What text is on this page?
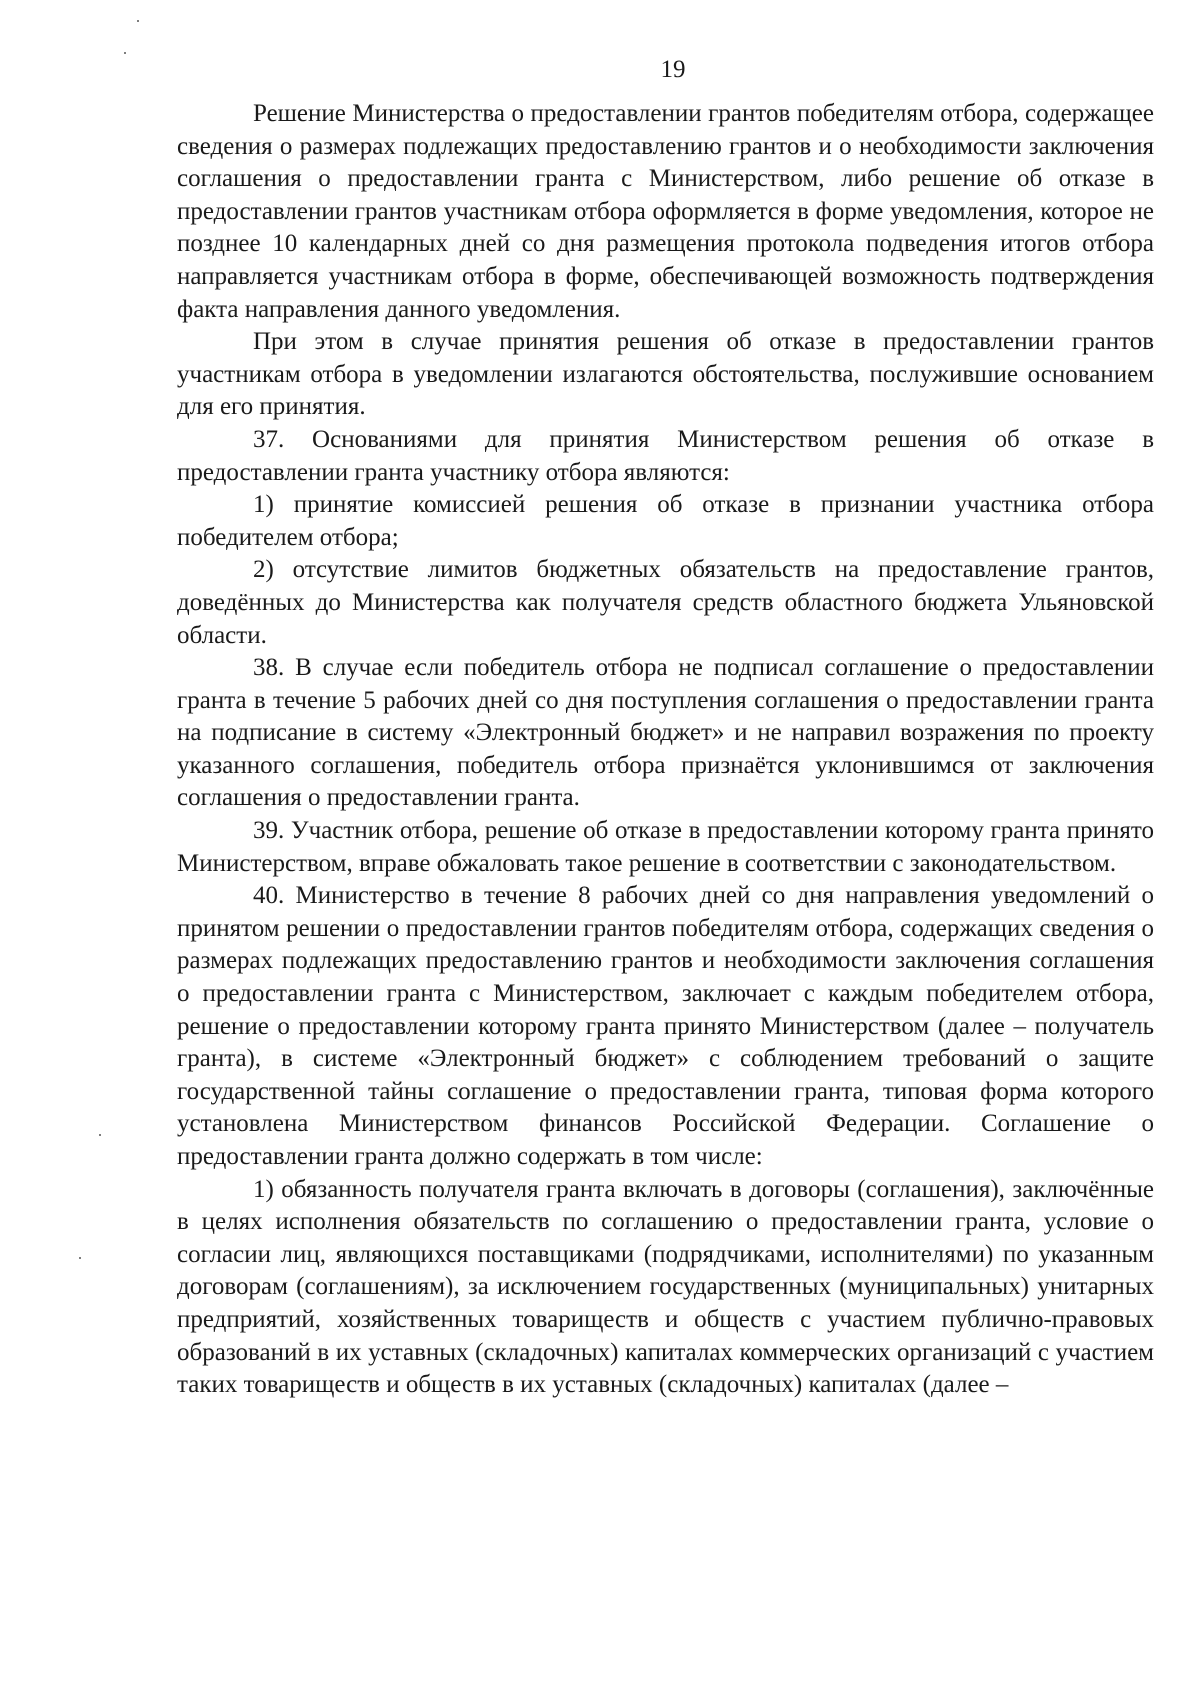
19

Решение Министерства о предоставлении грантов победителям отбора, содержащее сведения о размерах подлежащих предоставлению грантов и о необходимости заключения соглашения о предоставлении гранта с Министерством, либо решение об отказе в предоставлении грантов участникам отбора оформляется в форме уведомления, которое не позднее 10 календарных дней со дня размещения протокола подведения итогов отбора направляется участникам отбора в форме, обеспечивающей возможность подтверждения факта направления данного уведомления.

При этом в случае принятия решения об отказе в предоставлении грантов участникам отбора в уведомлении излагаются обстоятельства, послужившие основанием для его принятия.

37. Основаниями для принятия Министерством решения об отказе в предоставлении гранта участнику отбора являются:

1) принятие комиссией решения об отказе в признании участника отбора победителем отбора;

2) отсутствие лимитов бюджетных обязательств на предоставление грантов, доведённых до Министерства как получателя средств областного бюджета Ульяновской области.

38. В случае если победитель отбора не подписал соглашение о предоставлении гранта в течение 5 рабочих дней со дня поступления соглашения о предоставлении гранта на подписание в систему «Электронный бюджет» и не направил возражения по проекту указанного соглашения, победитель отбора признаётся уклонившимся от заключения соглашения о предоставлении гранта.

39. Участник отбора, решение об отказе в предоставлении которому гранта принято Министерством, вправе обжаловать такое решение в соответствии с законодательством.

40. Министерство в течение 8 рабочих дней со дня направления уведомлений о принятом решении о предоставлении грантов победителям отбора, содержащих сведения о размерах подлежащих предоставлению грантов и необходимости заключения соглашения о предоставлении гранта с Министерством, заключает с каждым победителем отбора, решение о предоставлении которому гранта принято Министерством (далее – получатель гранта), в системе «Электронный бюджет» с соблюдением требований о защите государственной тайны соглашение о предоставлении гранта, типовая форма которого установлена Министерством финансов Российской Федерации. Соглашение о предоставлении гранта должно содержать в том числе:

1) обязанность получателя гранта включать в договоры (соглашения), заключённые в целях исполнения обязательств по соглашению о предоставлении гранта, условие о согласии лиц, являющихся поставщиками (подрядчиками, исполнителями) по указанным договорам (соглашениям), за исключением государственных (муниципальных) унитарных предприятий, хозяйственных товариществ и обществ с участием публично-правовых образований в их уставных (складочных) капиталах коммерческих организаций с участием таких товариществ и обществ в их уставных (складочных) капиталах (далее –
